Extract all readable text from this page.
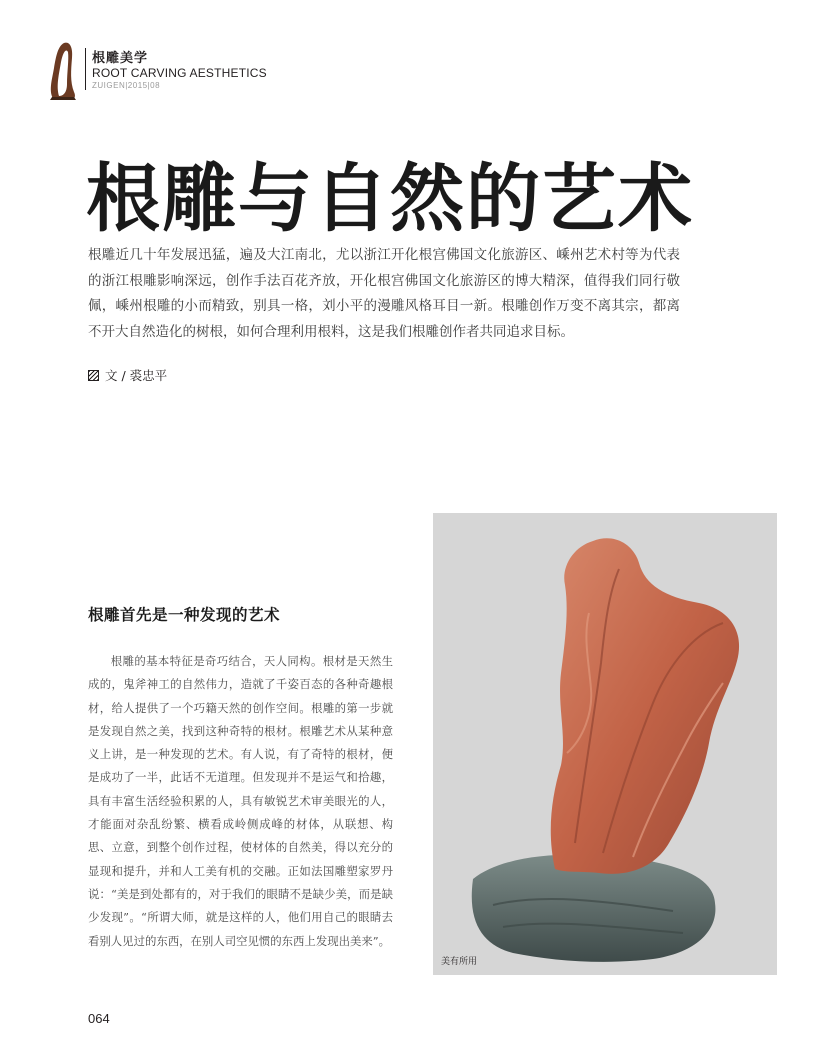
根雕美学
ROOT CARVING AESTHETICS
ZUIGEN|2015|08
根雕与自然的艺术

根雕近几十年发展迅猛，遍及大江南北，尤以浙江开化根宫佛国文化旅游区、嵊州艺术村等为代表的浙江根雕影响深远，创作手法百花齐放，开化根宫佛国文化旅游区的博大精深，值得我们同行敬佩，嵊州根雕的小而精致，别具一格，刘小平的漫雕风格耳目一新。根雕创作万变不离其宗，都离不开大自然造化的树根，如何合理利用根料，这是我们根雕创作者共同追求目标。

文 / 裘忠平
根雕首先是一种发现的艺术

根雕的基本特征是奇巧结合，天人同构。根材是天然生成的，鬼斧神工的自然伟力，造就了千姿百态的各种奇趣根材，给人提供了一个巧籍天然的创作空间。根雕的第一步就是发现自然之美，找到这种奇特的根材。根雕艺术从某种意义上讲，是一种发现的艺术。有人说，有了奇特的根材，便是成功了一半，此话不无道理。但发现并不是运气和拾趣，具有丰富生活经验积累的人，具有敏锐艺术审美眼光的人，才能面对杂乱纷繁、横看成岭侧成峰的材体，从联想、构思、立意，到整个创作过程，使材体的自然美，得以充分的显现和提升，并和人工美有机的交融。正如法国雕塑家罗丹说：“美是到处都有的，对于我们的眼睛不是缺少美，而是缺少发现”。“所谓大师，就是这样的人，他们用自己的眼睛去看别人见过的东西，在别人司空见惯的东西上发现出美来”。

美有所用
064
